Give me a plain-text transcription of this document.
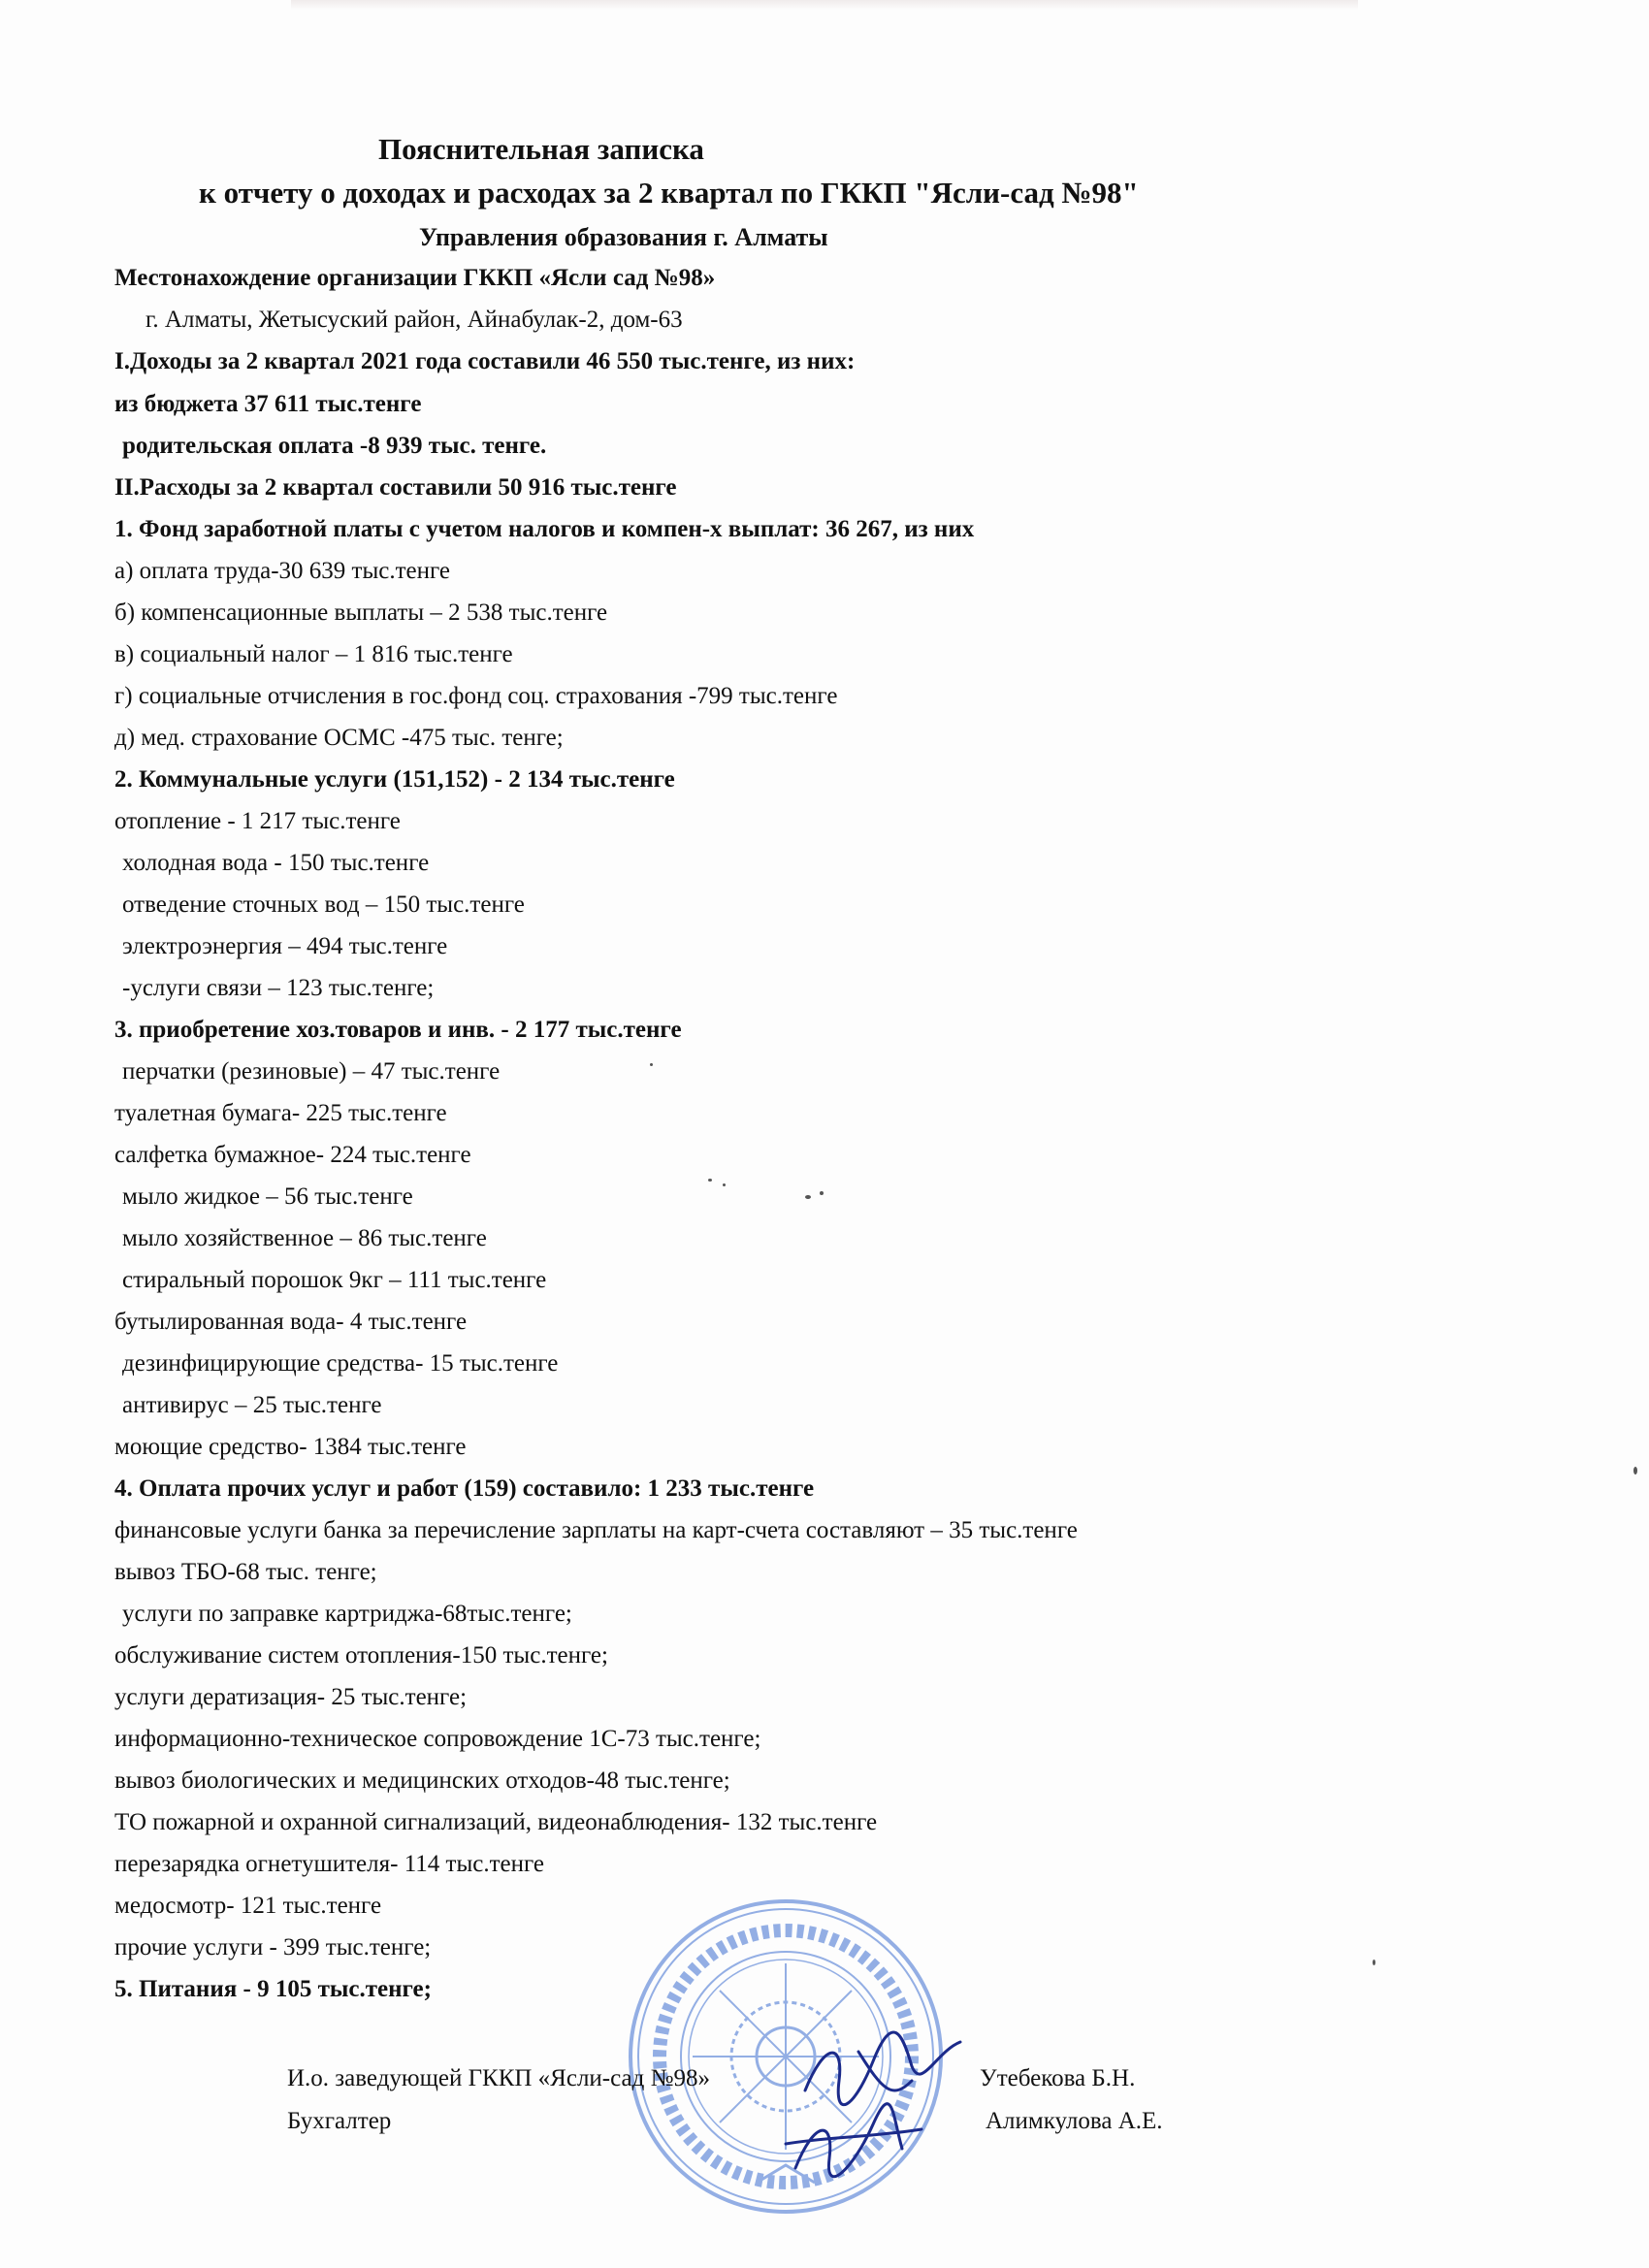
Пояснительная записка
к отчету о доходах и расходах за 2 квартал по ГККП "Ясли-сад №98"
Управления образования г. Алматы
Местонахождение организации ГККП «Ясли сад №98»
г. Алматы, Жетысуский район, Айнабулак-2, дом-63
I.Доходы за 2 квартал 2021 года составили 46 550 тыс.тенге, из них:
из бюджета 37 611 тыс.тенге
родительская оплата -8 939 тыс. тенге.
II.Расходы за 2 квартал составили 50 916 тыс.тенге
1. Фонд заработной платы с учетом налогов и компен-х выплат: 36 267, из них
а) оплата труда-30 639 тыс.тенге
б) компенсационные выплаты – 2 538 тыс.тенге
в) социальный налог – 1 816 тыс.тенге
г) социальные отчисления в гос.фонд соц. страхования -799 тыс.тенге
д) мед. страхование ОСМС -475 тыс. тенге;
2. Коммунальные услуги (151,152) - 2 134 тыс.тенге
отопление - 1 217 тыс.тенге
холодная вода - 150 тыс.тенге
отведение сточных вод – 150 тыс.тенге
электроэнергия – 494 тыс.тенге
-услуги связи – 123 тыс.тенге;
3. приобретение хоз.товаров и инв. - 2 177 тыс.тенге
перчатки (резиновые) – 47 тыс.тенге
туалетная бумага- 225 тыс.тенге
салфетка бумажное- 224 тыс.тенге
мыло жидкое – 56 тыс.тенге
мыло хозяйственное – 86 тыс.тенге
стиральный порошок 9кг – 111 тыс.тенге
бутылированная вода- 4 тыс.тенге
дезинфицирующие средства- 15 тыс.тенге
антивирус – 25 тыс.тенге
моющие средство- 1384 тыс.тенге
4. Оплата прочих услуг и работ (159) составило: 1 233 тыс.тенге
финансовые услуги банка за перечисление зарплаты на карт-счета составляют – 35 тыс.тенге
вывоз ТБО-68 тыс. тенге;
услуги по заправке картриджа-68тыс.тенге;
обслуживание систем отопления-150 тыс.тенге;
услуги дератизация- 25 тыс.тенге;
информационно-техническое сопровождение 1С-73 тыс.тенге;
вывоз биологических и медицинских отходов-48 тыс.тенге;
ТО пожарной и охранной сигнализаций, видеонаблюдения- 132 тыс.тенге
перезарядка огнетушителя- 114 тыс.тенге
медосмотр- 121 тыс.тенге
прочие услуги - 399 тыс.тенге;
5. Питания - 9 105 тыс.тенге;
И.о. заведующей ГККП «Ясли-сад №98»	Утебекова Б.Н.
Бухгалтер	Алимкулова А.Е.
